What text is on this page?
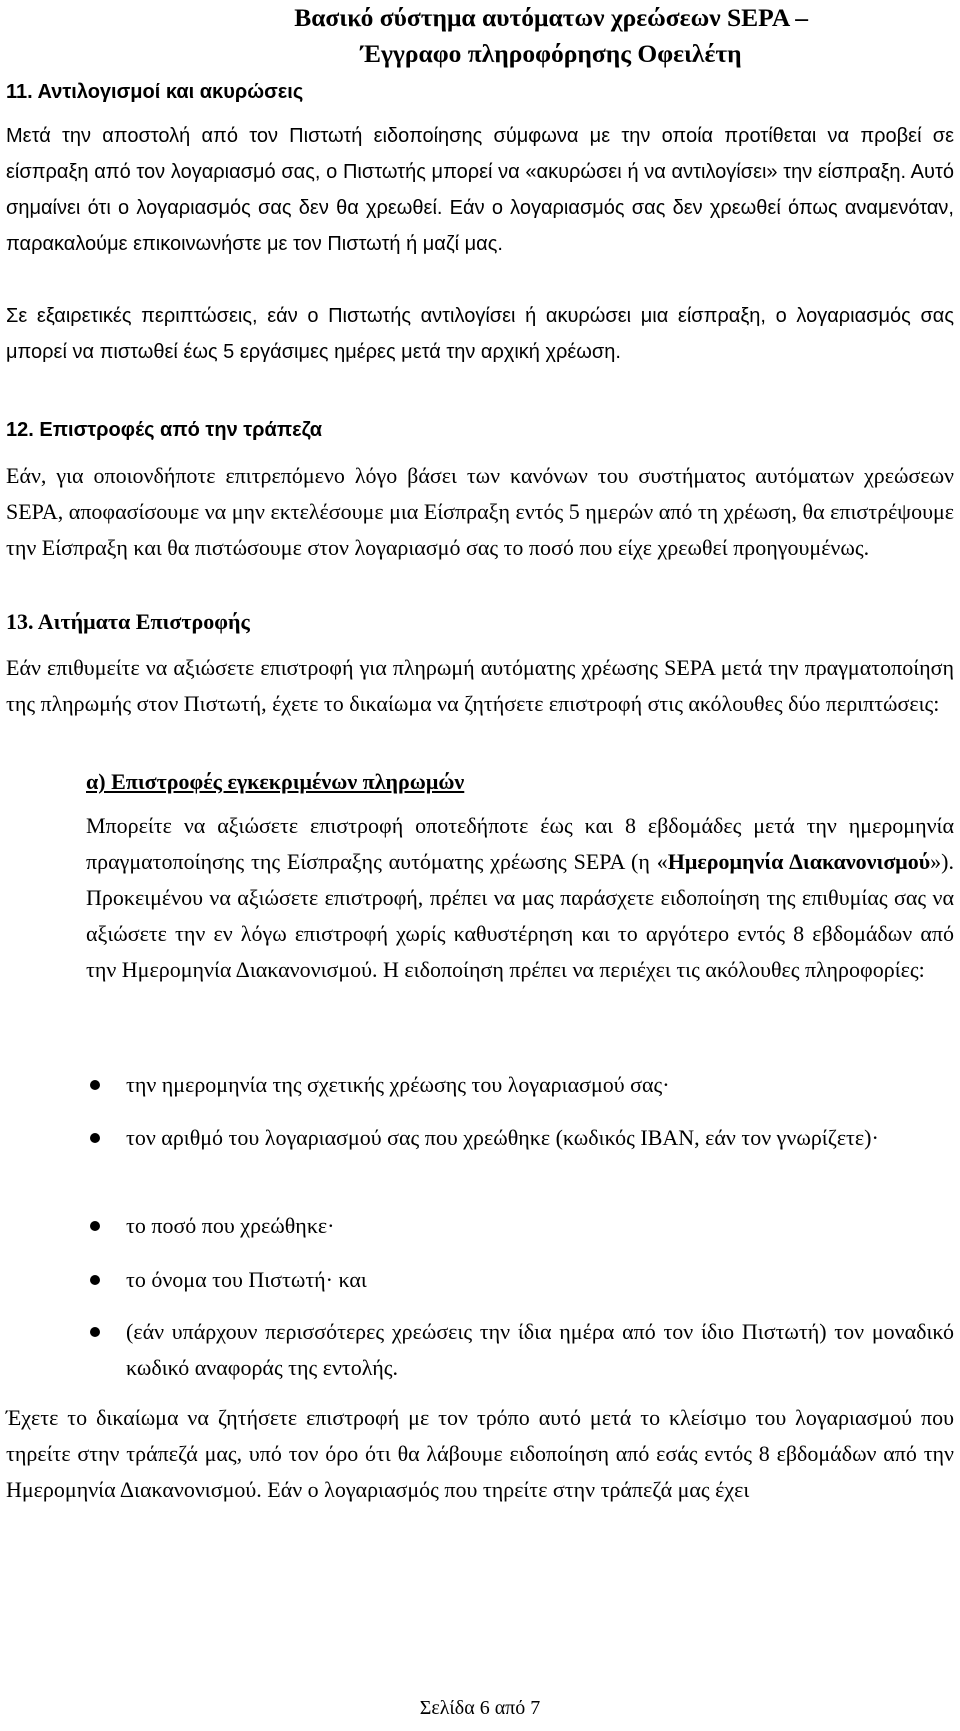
Βασικό σύστημα αυτόματων χρεώσεων SEPA –
Έγγραφο πληροφόρησης Οφειλέτη
11. Αντιλογισμοί και ακυρώσεις
Μετά την αποστολή από τον Πιστωτή ειδοποίησης σύμφωνα με την οποία προτίθεται να προβεί σε είσπραξη από τον λογαριασμό σας, ο Πιστωτής μπορεί να «ακυρώσει ή να αντιλογίσει» την είσπραξη. Αυτό σημαίνει ότι ο λογαριασμός σας δεν θα χρεωθεί. Εάν ο λογαριασμός σας δεν χρεωθεί όπως αναμενόταν, παρακαλούμε επικοινωνήστε με τον Πιστωτή ή μαζί μας.
Σε εξαιρετικές περιπτώσεις, εάν ο Πιστωτής αντιλογίσει ή ακυρώσει μια είσπραξη, ο λογαριασμός σας μπορεί να πιστωθεί έως 5 εργάσιμες ημέρες μετά την αρχική χρέωση.
12. Επιστροφές από την τράπεζα
Εάν, για οποιονδήποτε επιτρεπόμενο λόγο βάσει των κανόνων του συστήματος αυτόματων χρεώσεων SEPA, αποφασίσουμε να μην εκτελέσουμε μια Είσπραξη εντός 5 ημερών από τη χρέωση, θα επιστρέψουμε την Είσπραξη και θα πιστώσουμε στον λογαριασμό σας το ποσό που είχε χρεωθεί προηγουμένως.
13. Αιτήματα Επιστροφής
Εάν επιθυμείτε να αξιώσετε επιστροφή για πληρωμή αυτόματης χρέωσης SEPA μετά την πραγματοποίηση της πληρωμής στον Πιστωτή, έχετε το δικαίωμα να ζητήσετε επιστροφή στις ακόλουθες δύο περιπτώσεις:
α) Επιστροφές εγκεκριμένων πληρωμών
Μπορείτε να αξιώσετε επιστροφή οποτεδήποτε έως και 8 εβδομάδες μετά την ημερομηνία πραγματοποίησης της Είσπραξης αυτόματης χρέωσης SEPA (η «Ημερομηνία Διακανονισμού»). Προκειμένου να αξιώσετε επιστροφή, πρέπει να μας παράσχετε ειδοποίηση της επιθυμίας σας να αξιώσετε την εν λόγω επιστροφή χωρίς καθυστέρηση και το αργότερο εντός 8 εβδομάδων από την Ημερομηνία Διακανονισμού. Η ειδοποίηση πρέπει να περιέχει τις ακόλουθες πληροφορίες:
την ημερομηνία της σχετικής χρέωσης του λογαριασμού σας·
τον αριθμό του λογαριασμού σας που χρεώθηκε (κωδικός IBAN, εάν τον γνωρίζετε)·
το ποσό που χρεώθηκε·
το όνομα του Πιστωτή· και
(εάν υπάρχουν περισσότερες χρεώσεις την ίδια ημέρα από τον ίδιο Πιστωτή) τον μοναδικό κωδικό αναφοράς της εντολής.
Έχετε το δικαίωμα να ζητήσετε επιστροφή με τον τρόπο αυτό μετά το κλείσιμο του λογαριασμού που τηρείτε στην τράπεζά μας, υπό τον όρο ότι θα λάβουμε ειδοποίηση από εσάς εντός 8 εβδομάδων από την Ημερομηνία Διακανονισμού. Εάν ο λογαριασμός που τηρείτε στην τράπεζά μας έχει
Σελίδα 6 από 7
